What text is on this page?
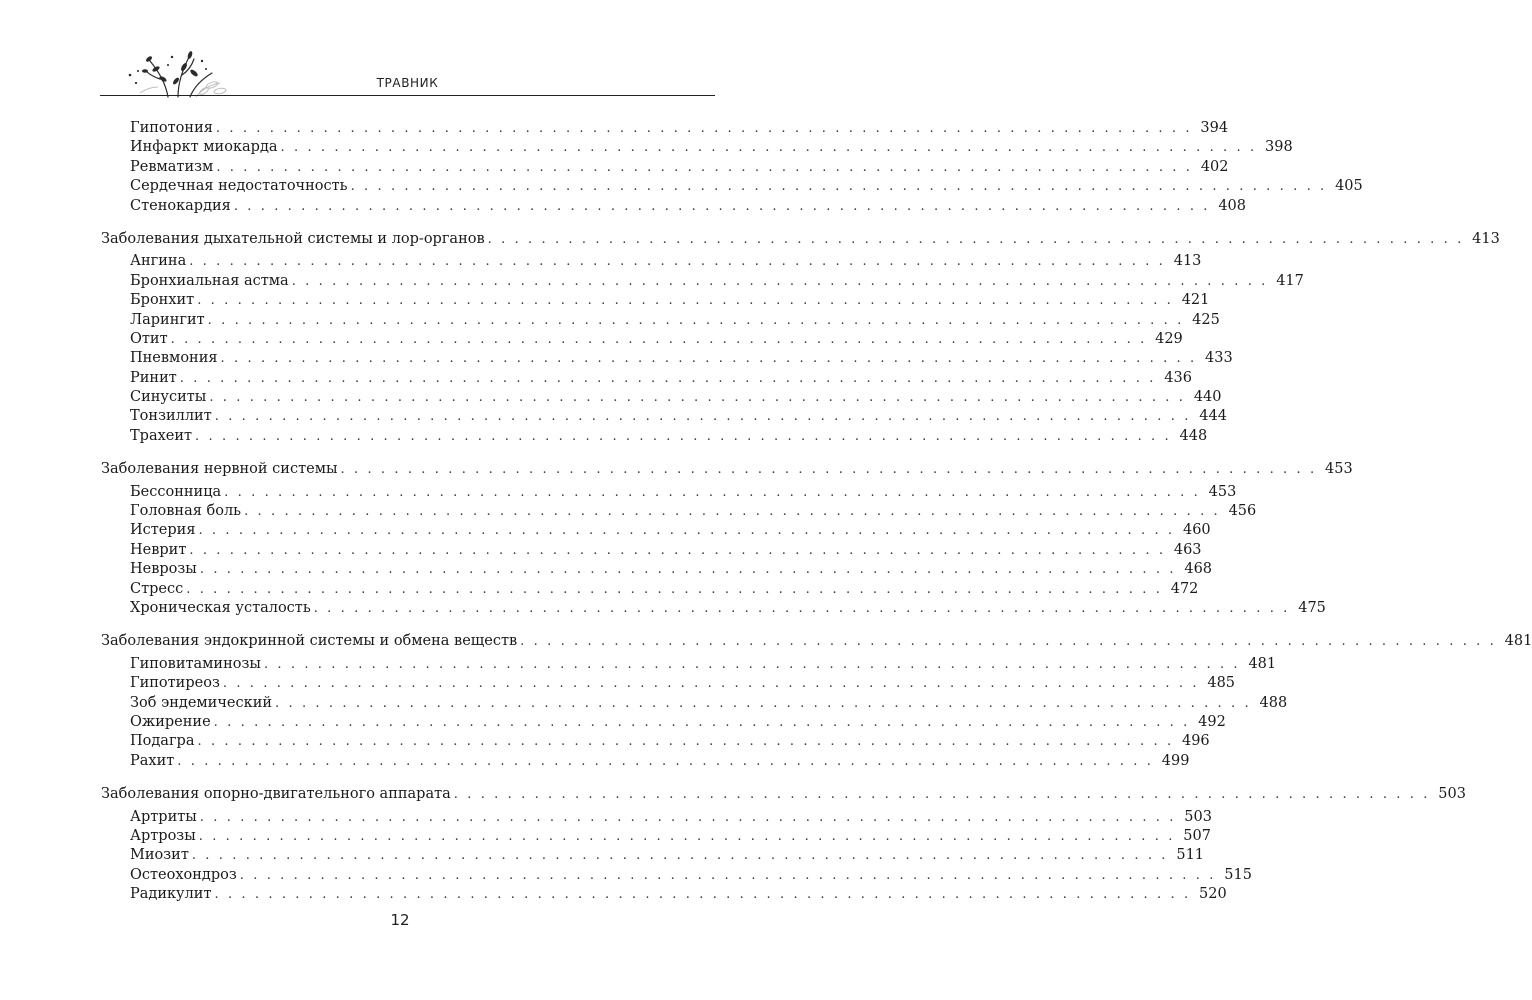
ТРАВНИК
Гипотония . . . . . . . . . . . . . . . . . . . . . . . . . . . . . . . . . . . . . . . . . . . . . . . . . . . . . . . . . . . . . . . . . . . . . . . . . 394
Инфаркт миокарда . . . . . . . . . . . . . . . . . . . . . . . . . . . . . . . . . . . . . . . . . . . . . . . . . . . . . . . . . . . . . . . . . . . . . . . . . 398
Ревматизм . . . . . . . . . . . . . . . . . . . . . . . . . . . . . . . . . . . . . . . . . . . . . . . . . . . . . . . . . . . . . . . . . . . . . . . . . 402
Сердечная недостаточность . . . . . . . . . . . . . . . . . . . . . . . . . . . . . . . . . . . . . . . . . . . . . . . . . . . . . . . . . . . . . . . . . . . . . . . . . 405
Стенокардия . . . . . . . . . . . . . . . . . . . . . . . . . . . . . . . . . . . . . . . . . . . . . . . . . . . . . . . . . . . . . . . . . . . . . . . . . 408
Заболевания дыхательной системы и лор-органов . . . . . . . . . . . . . . . . . . . . . . . . . . . . . . . . . . . . . . . . . . . . . . . . . . . . . . . . . . . . . . . . . . . . . . . . . 413
Ангина . . . . . . . . . . . . . . . . . . . . . . . . . . . . . . . . . . . . . . . . . . . . . . . . . . . . . . . . . . . . . . . . . . . . . . . . . 413
Бронхиальная астма . . . . . . . . . . . . . . . . . . . . . . . . . . . . . . . . . . . . . . . . . . . . . . . . . . . . . . . . . . . . . . . . . . . . . . . . . 417
Бронхит . . . . . . . . . . . . . . . . . . . . . . . . . . . . . . . . . . . . . . . . . . . . . . . . . . . . . . . . . . . . . . . . . . . . . . . . . 421
Ларингит . . . . . . . . . . . . . . . . . . . . . . . . . . . . . . . . . . . . . . . . . . . . . . . . . . . . . . . . . . . . . . . . . . . . . . . . . 425
Отит . . . . . . . . . . . . . . . . . . . . . . . . . . . . . . . . . . . . . . . . . . . . . . . . . . . . . . . . . . . . . . . . . . . . . . . . . 429
Пневмония . . . . . . . . . . . . . . . . . . . . . . . . . . . . . . . . . . . . . . . . . . . . . . . . . . . . . . . . . . . . . . . . . . . . . . . . . 433
Ринит . . . . . . . . . . . . . . . . . . . . . . . . . . . . . . . . . . . . . . . . . . . . . . . . . . . . . . . . . . . . . . . . . . . . . . . . . 436
Синуситы . . . . . . . . . . . . . . . . . . . . . . . . . . . . . . . . . . . . . . . . . . . . . . . . . . . . . . . . . . . . . . . . . . . . . . . . . 440
Тонзиллит . . . . . . . . . . . . . . . . . . . . . . . . . . . . . . . . . . . . . . . . . . . . . . . . . . . . . . . . . . . . . . . . . . . . . . . . . 444
Трахеит . . . . . . . . . . . . . . . . . . . . . . . . . . . . . . . . . . . . . . . . . . . . . . . . . . . . . . . . . . . . . . . . . . . . . . . . . 448
Заболевания нервной системы . . . . . . . . . . . . . . . . . . . . . . . . . . . . . . . . . . . . . . . . . . . . . . . . . . . . . . . . . . . . . . . . . . . . . . . . . 453
Бессонница . . . . . . . . . . . . . . . . . . . . . . . . . . . . . . . . . . . . . . . . . . . . . . . . . . . . . . . . . . . . . . . . . . . . . . . . . 453
Головная боль . . . . . . . . . . . . . . . . . . . . . . . . . . . . . . . . . . . . . . . . . . . . . . . . . . . . . . . . . . . . . . . . . . . . . . . . . 456
Истерия . . . . . . . . . . . . . . . . . . . . . . . . . . . . . . . . . . . . . . . . . . . . . . . . . . . . . . . . . . . . . . . . . . . . . . . . . 460
Неврит . . . . . . . . . . . . . . . . . . . . . . . . . . . . . . . . . . . . . . . . . . . . . . . . . . . . . . . . . . . . . . . . . . . . . . . . . 463
Неврозы . . . . . . . . . . . . . . . . . . . . . . . . . . . . . . . . . . . . . . . . . . . . . . . . . . . . . . . . . . . . . . . . . . . . . . . . . 468
Стресс . . . . . . . . . . . . . . . . . . . . . . . . . . . . . . . . . . . . . . . . . . . . . . . . . . . . . . . . . . . . . . . . . . . . . . . . . 472
Хроническая усталость . . . . . . . . . . . . . . . . . . . . . . . . . . . . . . . . . . . . . . . . . . . . . . . . . . . . . . . . . . . . . . . . . . . . . . . . . 475
Заболевания эндокринной системы и обмена веществ . . . . . . . . . . . . . . . . . . . . . . . . . . . . . . . . . . . . . . . . . . . . . . . . . . . . . . . . . . . . . . . . . . . . . . . . . 481
Гиповитаминозы . . . . . . . . . . . . . . . . . . . . . . . . . . . . . . . . . . . . . . . . . . . . . . . . . . . . . . . . . . . . . . . . . . . . . . . . . 481
Гипотиреоз . . . . . . . . . . . . . . . . . . . . . . . . . . . . . . . . . . . . . . . . . . . . . . . . . . . . . . . . . . . . . . . . . . . . . . . . . 485
Зоб эндемический . . . . . . . . . . . . . . . . . . . . . . . . . . . . . . . . . . . . . . . . . . . . . . . . . . . . . . . . . . . . . . . . . . . . . . . . . 488
Ожирение . . . . . . . . . . . . . . . . . . . . . . . . . . . . . . . . . . . . . . . . . . . . . . . . . . . . . . . . . . . . . . . . . . . . . . . . . 492
Подагра . . . . . . . . . . . . . . . . . . . . . . . . . . . . . . . . . . . . . . . . . . . . . . . . . . . . . . . . . . . . . . . . . . . . . . . . . 496
Рахит . . . . . . . . . . . . . . . . . . . . . . . . . . . . . . . . . . . . . . . . . . . . . . . . . . . . . . . . . . . . . . . . . . . . . . . . . 499
Заболевания опорно-двигательного аппарата . . . . . . . . . . . . . . . . . . . . . . . . . . . . . . . . . . . . . . . . . . . . . . . . . . . . . . . . . . . . . . . . . . . . . . . . . 503
Артриты . . . . . . . . . . . . . . . . . . . . . . . . . . . . . . . . . . . . . . . . . . . . . . . . . . . . . . . . . . . . . . . . . . . . . . . . . 503
Артрозы . . . . . . . . . . . . . . . . . . . . . . . . . . . . . . . . . . . . . . . . . . . . . . . . . . . . . . . . . . . . . . . . . . . . . . . . . 507
Миозит . . . . . . . . . . . . . . . . . . . . . . . . . . . . . . . . . . . . . . . . . . . . . . . . . . . . . . . . . . . . . . . . . . . . . . . . . 511
Остеохондроз . . . . . . . . . . . . . . . . . . . . . . . . . . . . . . . . . . . . . . . . . . . . . . . . . . . . . . . . . . . . . . . . . . . . . . . . . 515
Радикулит . . . . . . . . . . . . . . . . . . . . . . . . . . . . . . . . . . . . . . . . . . . . . . . . . . . . . . . . . . . . . . . . . . . . . . . . . 520
12
